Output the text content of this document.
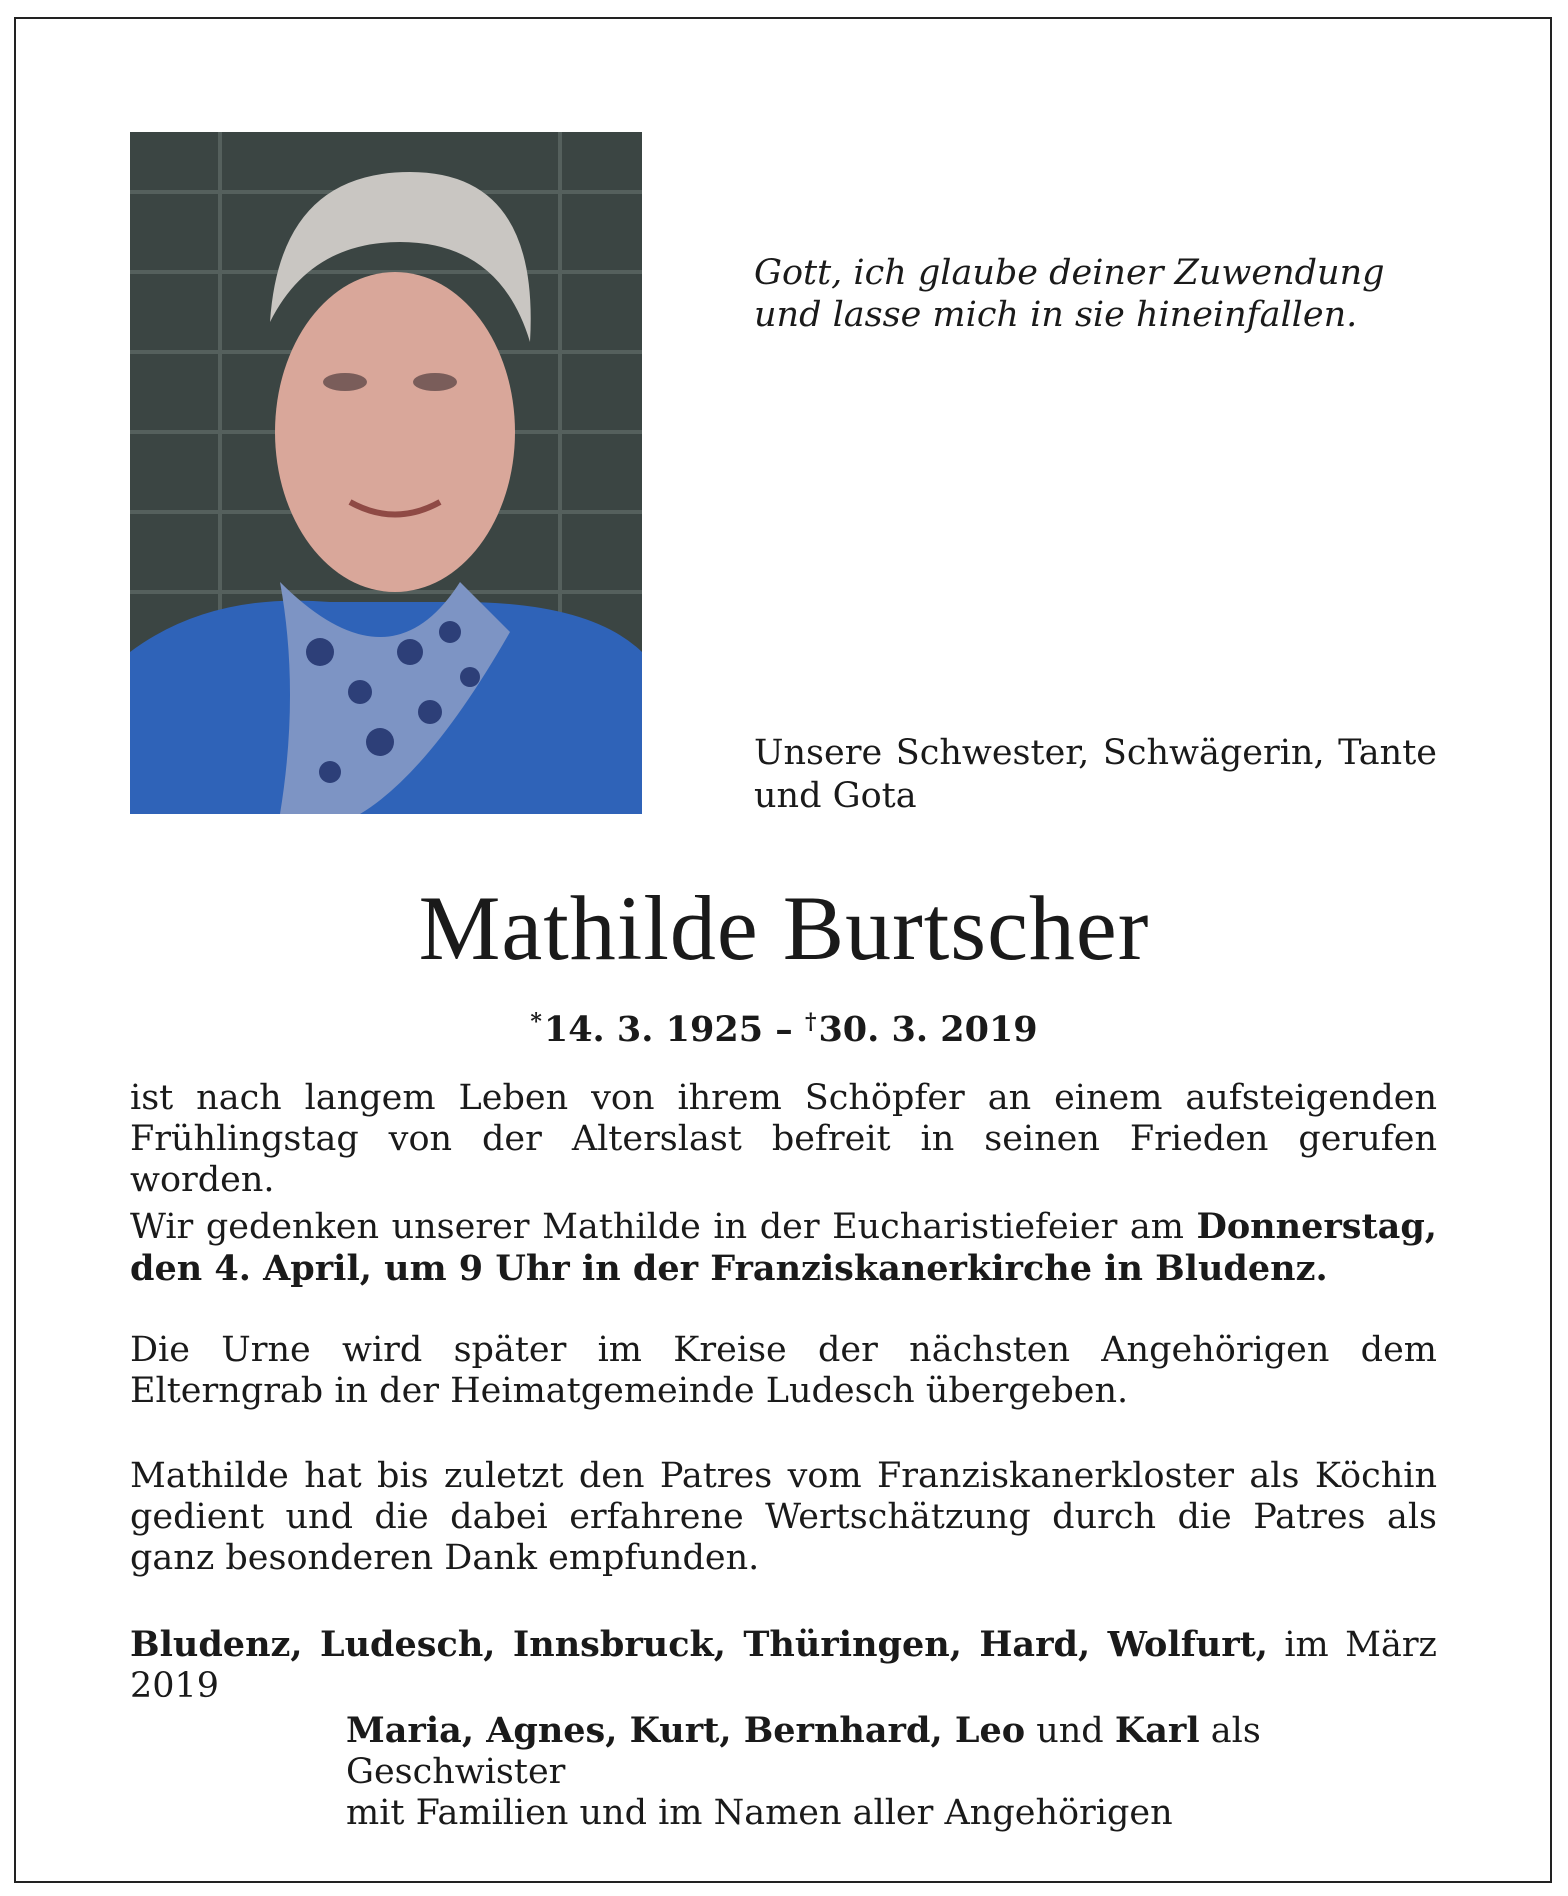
Gott, ich glaube deiner Zuwendung
und lasse mich in sie hineinfallen.
Unsere Schwester, Schwägerin, Tante und Gota
Mathilde Burtscher
*14. 3. 1925 – †30. 3. 2019
ist nach langem Leben von ihrem Schöpfer an einem aufsteigenden Frühlingstag von der Alterslast befreit in seinen Frieden gerufen worden.
Wir gedenken unserer Mathilde in der Eucharistiefeier am Donnerstag, den 4. April, um 9 Uhr in der Franziskanerkirche in Bludenz.
Die Urne wird später im Kreise der nächsten Angehörigen dem Elterngrab in der Heimatgemeinde Ludesch übergeben.
Mathilde hat bis zuletzt den Patres vom Franziskanerkloster als Köchin gedient und die dabei erfahrene Wertschätzung durch die Patres als ganz besonderen Dank empfunden.
Bludenz, Ludesch, Innsbruck, Thüringen, Hard, Wolfurt, im März 2019
Maria, Agnes, Kurt, Bernhard, Leo und Karl als Geschwister
mit Familien und im Namen aller Angehörigen
